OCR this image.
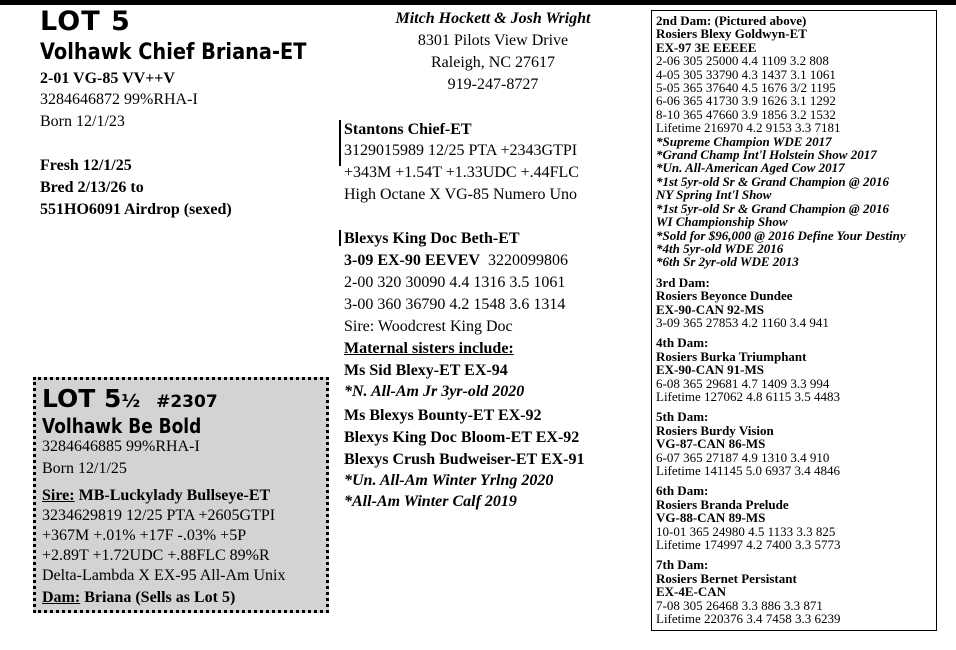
LOT 5
Volhawk Chief Briana-ET
2-01 VG-85 VV++V
3284646872 99%RHA-I
Born 12/1/23
Fresh 12/1/25
Bred 2/13/26 to
551HO6091 Airdrop (sexed)
LOT 5½ #2307
Volhawk Be Bold
3284646885 99%RHA-I
Born 12/1/25
Sire: MB-Luckylady Bullseye-ET
3234629819 12/25 PTA +2605GTPI
+367M +.01% +17F -.03% +5P
+2.89T +1.72UDC +.88FLC 89%R
Delta-Lambda X EX-95 All-Am Unix
Dam: Briana (Sells as Lot 5)
Mitch Hockett & Josh Wright
8301 Pilots View Drive
Raleigh, NC 27617
919-247-8727
Stantons Chief-ET
3129015989 12/25 PTA +2343GTPI
+343M +1.54T +1.33UDC +.44FLC
High Octane X VG-85 Numero Uno
Blexys King Doc Beth-ET
3-09 EX-90 EEVEV 3220099806
2-00 320 30090 4.4 1316 3.5 1061
3-00 360 36790 4.2 1548 3.6 1314
Sire: Woodcrest King Doc
Maternal sisters include:
Ms Sid Blexy-ET EX-94
*N. All-Am Jr 3yr-old 2020
Ms Blexys Bounty-ET EX-92
Blexys King Doc Bloom-ET EX-92
Blexys Crush Budweiser-ET EX-91
*Un. All-Am Winter Yrlng 2020
*All-Am Winter Calf 2019
2nd Dam: (Pictured above)
Rosiers Blexy Goldwyn-ET
EX-97 3E EEEEE
2-06 305 25000 4.4 1109 3.2 808
4-05 305 33790 4.3 1437 3.1 1061
5-05 365 37640 4.5 1676 3/2 1195
6-06 365 41730 3.9 1626 3.1 1292
8-10 365 47660 3.9 1856 3.2 1532
Lifetime 216970 4.2 9153 3.3 7181
*Supreme Champion WDE 2017
*Grand Champ Int'l Holstein Show 2017
*Un. All-American Aged Cow 2017
*1st 5yr-old Sr & Grand Champion @ 2016
NY Spring Int'l Show
*1st 5yr-old Sr & Grand Champion @ 2016
WI Championship Show
*Sold for $96,000 @ 2016 Define Your Destiny
*4th 5yr-old WDE 2016
*6th Sr 2yr-old WDE 2013
3rd Dam:
Rosiers Beyonce Dundee
EX-90-CAN 92-MS
3-09 365 27853 4.2 1160 3.4 941
4th Dam:
Rosiers Burka Triumphant
EX-90-CAN 91-MS
6-08 365 29681 4.7 1409 3.3 994
Lifetime 127062 4.8 6115 3.5 4483
5th Dam:
Rosiers Burdy Vision
VG-87-CAN 86-MS
6-07 365 27187 4.9 1310 3.4 910
Lifetime 141145 5.0 6937 3.4 4846
6th Dam:
Rosiers Branda Prelude
VG-88-CAN 89-MS
10-01 365 24980 4.5 1133 3.3 825
Lifetime 174997 4.2 7400 3.3 5773
7th Dam:
Rosiers Bernet Persistant
EX-4E-CAN
7-08 305 26468 3.3 886 3.3 871
Lifetime 220376 3.4 7458 3.3 6239
